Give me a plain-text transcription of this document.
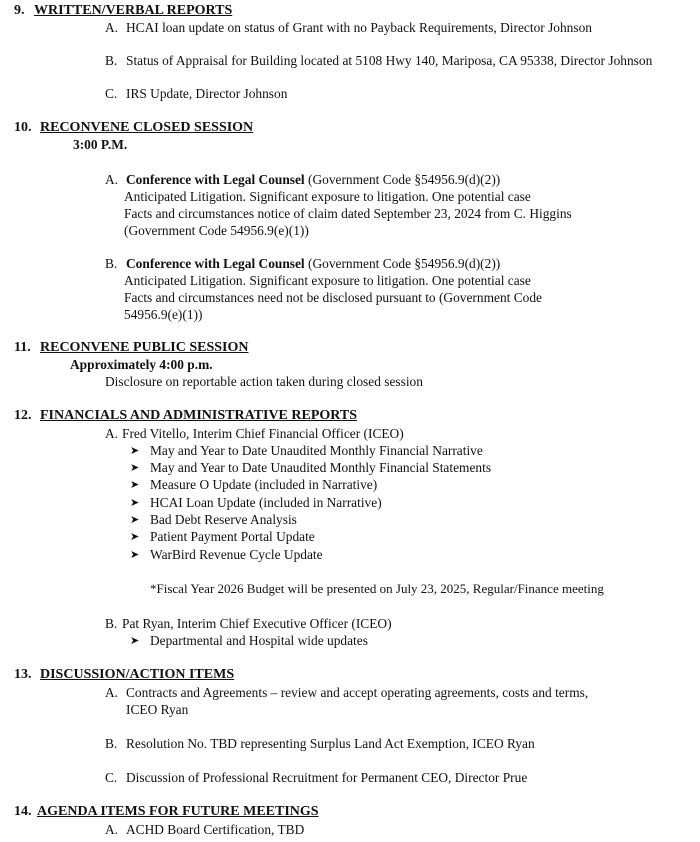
9. WRITTEN/VERBAL REPORTS
A. HCAI loan update on status of Grant with no Payback Requirements, Director Johnson
B. Status of Appraisal for Building located at 5108 Hwy 140, Mariposa, CA 95338, Director Johnson
C. IRS Update, Director Johnson
10. RECONVENE CLOSED SESSION
3:00 P.M.
A. Conference with Legal Counsel (Government Code §54956.9(d)(2))
Anticipated Litigation. Significant exposure to litigation. One potential case
Facts and circumstances notice of claim dated September 23, 2024 from C. Higgins
(Government Code 54956.9(e)(1))
B. Conference with Legal Counsel (Government Code §54956.9(d)(2))
Anticipated Litigation. Significant exposure to litigation. One potential case
Facts and circumstances need not be disclosed pursuant to (Government Code
54956.9(e)(1))
11. RECONVENE PUBLIC SESSION
Approximately 4:00 p.m.
Disclosure on reportable action taken during closed session
12. FINANCIALS AND ADMINISTRATIVE REPORTS
A. Fred Vitello, Interim Chief Financial Officer (ICEO)
➤ May and Year to Date Unaudited Monthly Financial Narrative
➤ May and Year to Date Unaudited Monthly Financial Statements
➤ Measure O Update (included in Narrative)
➤ HCAI Loan Update (included in Narrative)
➤ Bad Debt Reserve Analysis
➤ Patient Payment Portal Update
➤ WarBird Revenue Cycle Update
*Fiscal Year 2026 Budget will be presented on July 23, 2025, Regular/Finance meeting
B. Pat Ryan, Interim Chief Executive Officer (ICEO)
➤ Departmental and Hospital wide updates
13. DISCUSSION/ACTION ITEMS
A. Contracts and Agreements – review and accept operating agreements, costs and terms,
ICEO Ryan
B. Resolution No. TBD representing Surplus Land Act Exemption, ICEO Ryan
C. Discussion of Professional Recruitment for Permanent CEO, Director Prue
14. AGENDA ITEMS FOR FUTURE MEETINGS
A. ACHD Board Certification, TBD
